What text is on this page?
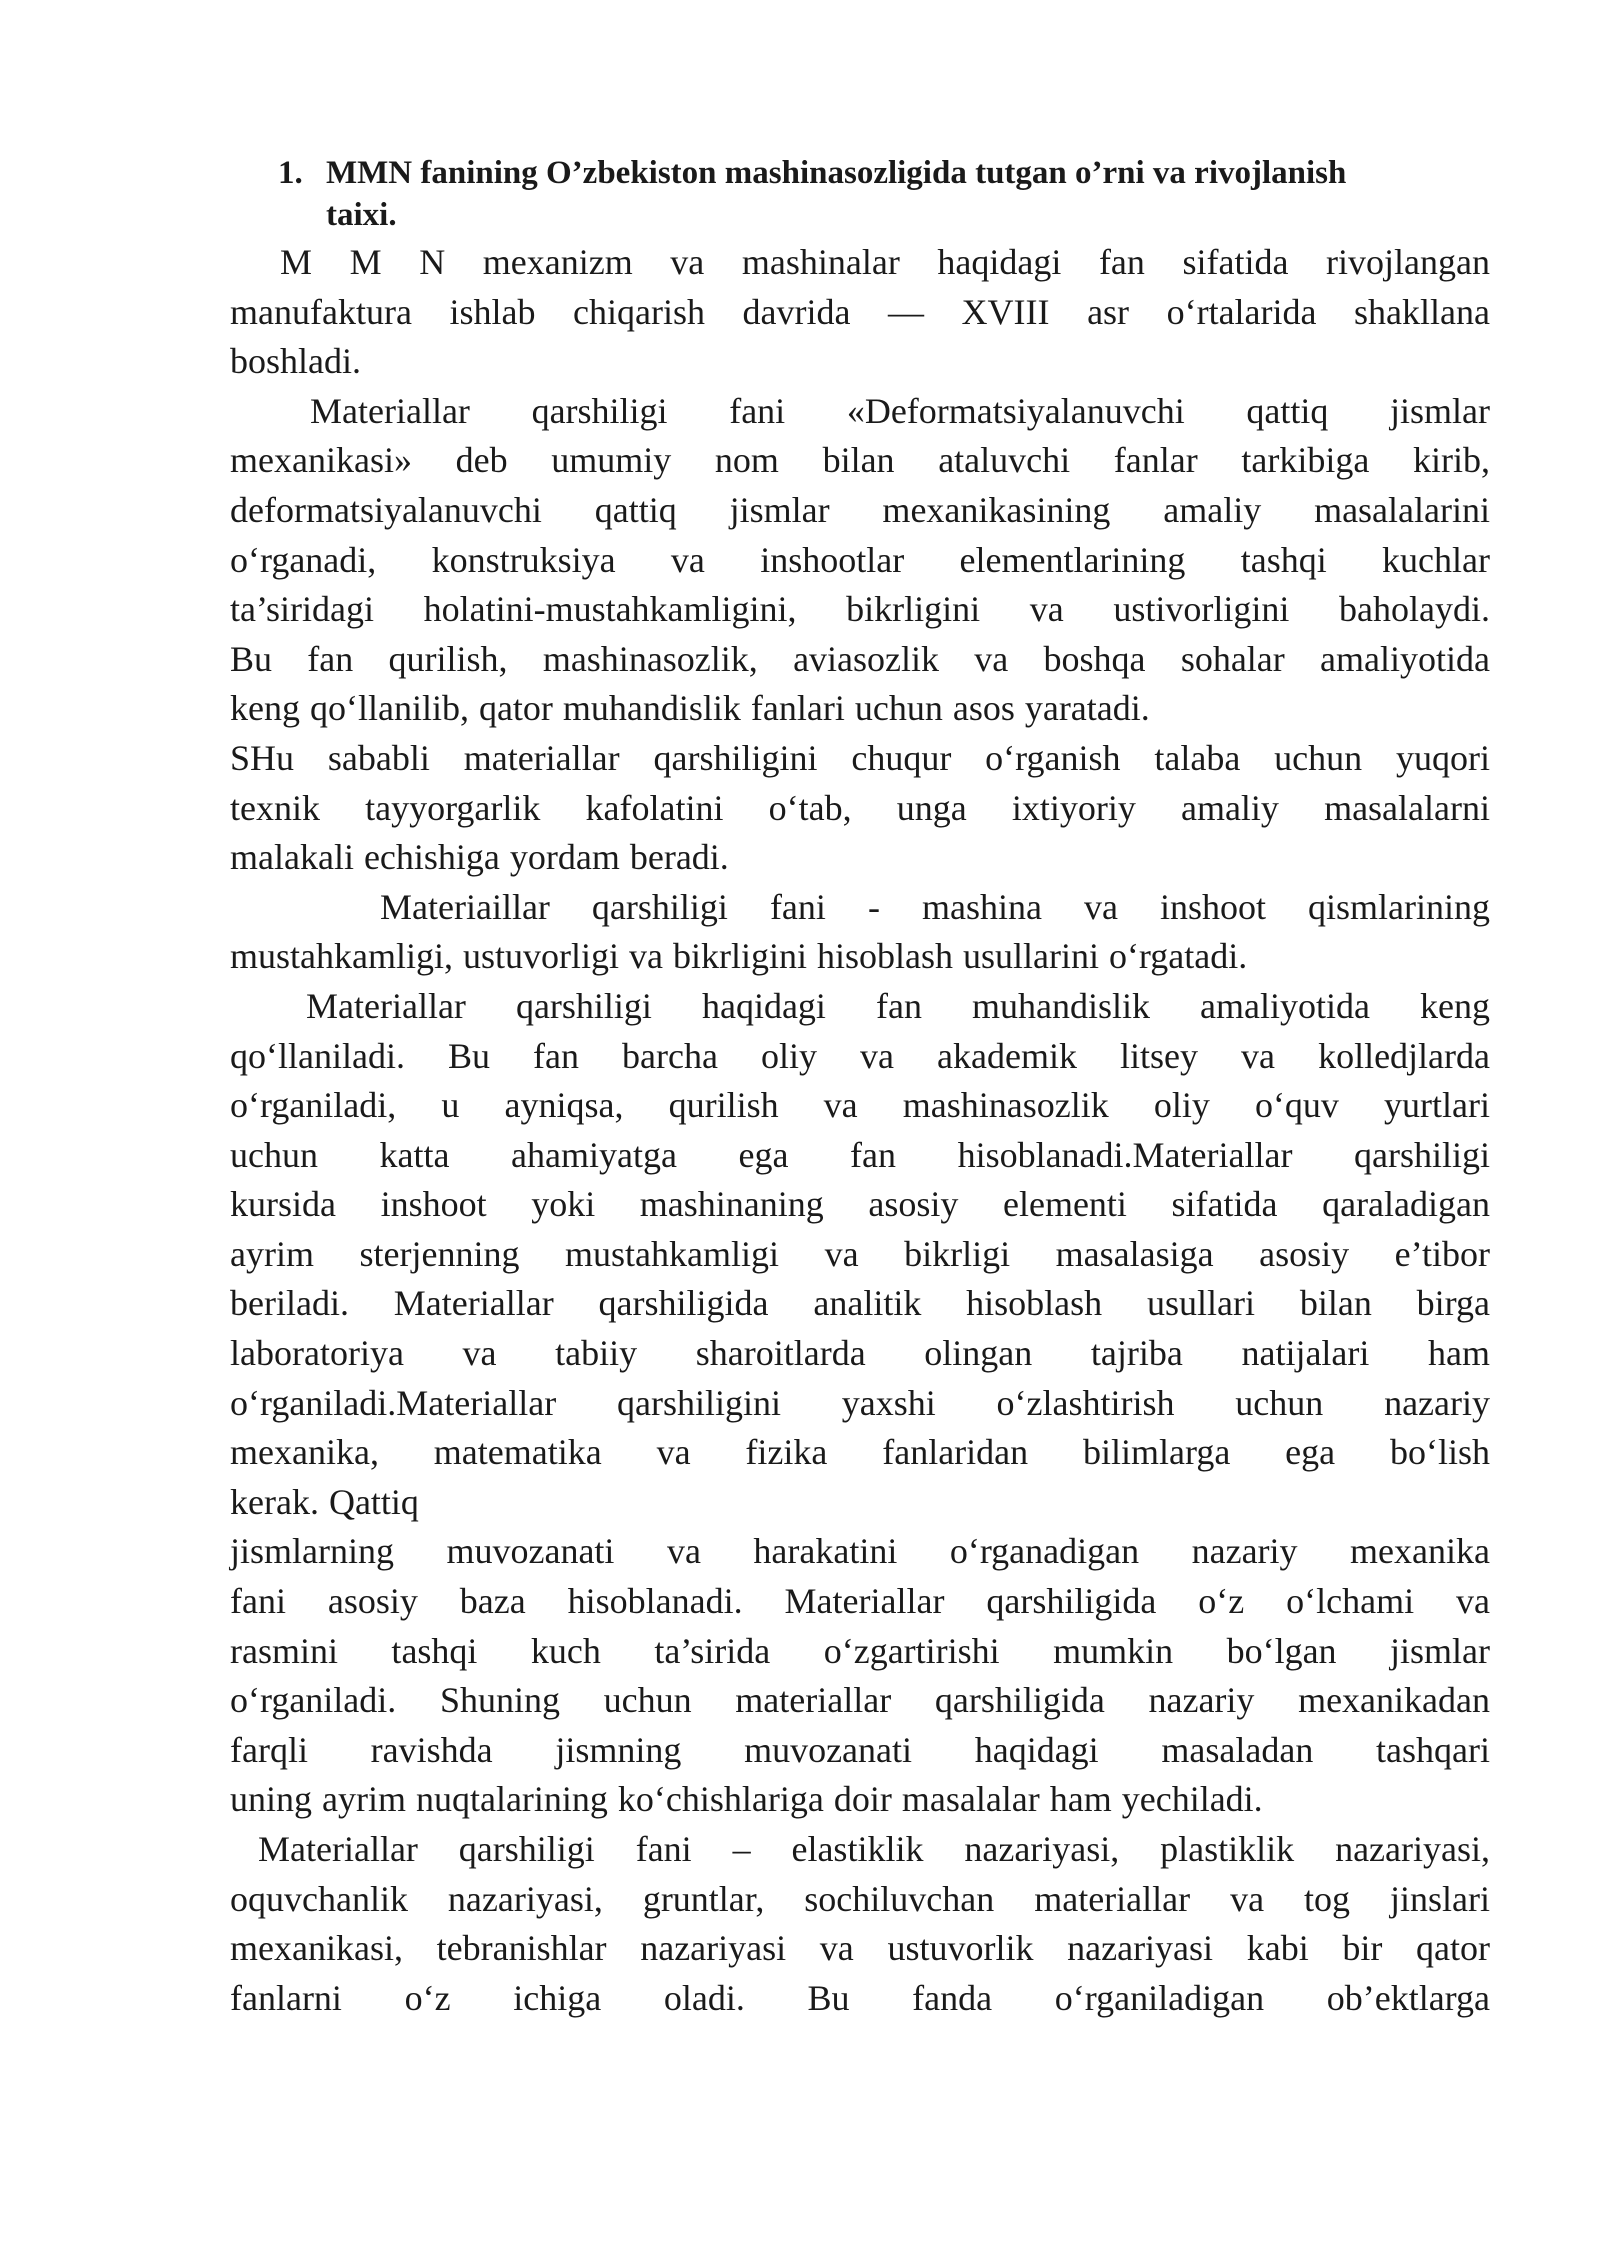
1. MMN fanining O’zbekiston mashinasozligida tutgan o’rni va rivojlanish
taixi.
M M N mexanizm va mashinalar haqidagi fan sifatida rivojlangan
manufaktura ishlab chiqarish davrida — XVIII asr o‘rtalarida shakllana
boshladi.
Materiallar qarshiligi fani «Deformatsiyalanuvchi qattiq jismlar
mexanikasi» deb umumiy nom bilan ataluvchi fanlar tarkibiga kirib,
deformatsiyalanuvchi qattiq jismlar mexanikasining amaliy masalalarini
o‘rganadi, konstruksiya va inshootlar elementlarining tashqi kuchlar
ta’siridagi holatini-mustahkamligini, bikrligini va ustivorligini baholaydi.
Bu fan qurilish, mashinasozlik, aviasozlik va boshqa sohalar amaliyotida
keng qo‘llanilib, qator muhandislik fanlari uchun asos yaratadi.
SHu sababli materiallar qarshiligini chuqur o‘rganish talaba uchun yuqori
texnik tayyorgarlik kafolatini o‘tab, unga ixtiyoriy amaliy masalalarni
malakali echishiga yordam beradi.
Materiaillar qarshiligi fani - mashina va inshoot qismlarining
mustahkamligi, ustuvorligi va bikrligini hisoblash usullarini o‘rgatadi.
Materiallar qarshiligi haqidagi fan muhandislik amaliyotida keng
qo‘llaniladi. Bu fan barcha oliy va akademik litsey va kolledjlarda
o‘rganiladi, u ayniqsa, qurilish va mashinasozlik oliy o‘quv yurtlari
uchun katta ahamiyatga ega fan hisoblanadi.Materiallar qarshiligi
kursida inshoot yoki mashinaning asosiy elementi sifatida qaraladigan
ayrim sterjenning mustahkamligi va bikrligi masalasiga asosiy e’tibor
beriladi. Materiallar qarshiligida analitik hisoblash usullari bilan birga
laboratoriya va tabiiy sharoitlarda olingan tajriba natijalari ham
o‘rganiladi.Materiallar qarshiligini yaxshi o‘zlashtirish uchun nazariy
mexanika, matematika va fizika fanlaridan bilimlarga ega bo‘lish
kerak. Qattiq
jismlarning muvozanati va harakatini o‘rganadigan nazariy mexanika
fani asosiy baza hisoblanadi. Materiallar qarshiligida o‘z o‘lchami va
rasmini tashqi kuch ta’sirida o‘zgartirishi mumkin bo‘lgan jismlar
o‘rganiladi. Shuning uchun materiallar qarshiligida nazariy mexanikadan
farqli ravishda jismning muvozanati haqidagi masaladan tashqari
uning ayrim nuqtalarining ko‘chishlariga doir masalalar ham yechiladi.
Materiallar qarshiligi fani – elastiklik nazariyasi, plastiklik nazariyasi,
oquvchanlik nazariyasi, gruntlar, sochiluvchan materiallar va tog jinslari
mexanikasi, tebranishlar nazariyasi va ustuvorlik nazariyasi kabi bir qator
fanlarni o‘z ichiga oladi. Bu fanda o‘rganiladigan ob’ektlarga
